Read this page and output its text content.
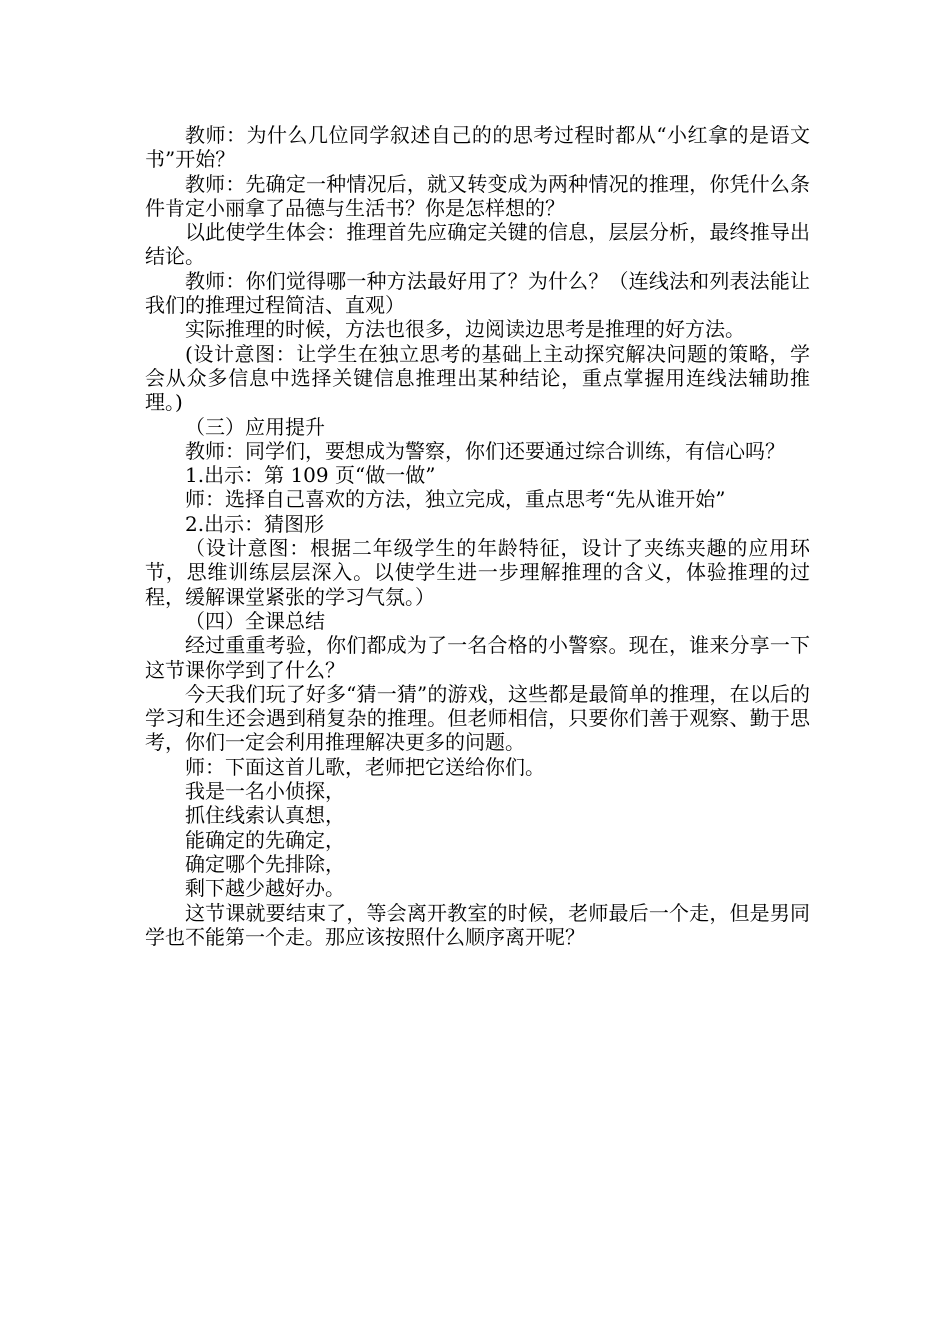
教师：为什么几位同学叙述自己的的思考过程时都从“小红拿的是语文书”开始？

教师：先确定一种情况后，就又转变成为两种情况的推理，你凭什么条件肯定小丽拿了品德与生活书？你是怎样想的？

以此使学生体会：推理首先应确定关键的信息，层层分析，最终推导出结论。

教师：你们觉得哪一种方法最好用了？为什么？（连线法和列表法能让我们的推理过程简洁、直观）

实际推理的时候，方法也很多，边阅读边思考是推理的好方法。

(设计意图：让学生在独立思考的基础上主动探究解决问题的策略，学会从众多信息中选择关键信息推理出某种结论，重点掌握用连线法辅助推理。)

（三）应用提升

教师：同学们，要想成为警察，你们还要通过综合训练，有信心吗？

1.出示：第 109 页“做一做”

师：选择自己喜欢的方法，独立完成，重点思考“先从谁开始”

2.出示：猜图形

（设计意图：根据二年级学生的年龄特征，设计了夹练夹趣的应用环节，思维训练层层深入。以使学生进一步理解推理的含义，体验推理的过程，缓解课堂紧张的学习气氛。）

（四）全课总结

经过重重考验，你们都成为了一名合格的小警察。现在，谁来分享一下这节课你学到了什么？

今天我们玩了好多“猜一猜”的游戏，这些都是最简单的推理，在以后的学习和生还会遇到稍复杂的推理。但老师相信，只要你们善于观察、勤于思考，你们一定会利用推理解决更多的问题。

师：下面这首儿歌，老师把它送给你们。

我是一名小侦探，

抓住线索认真想，

能确定的先确定，

确定哪个先排除，

剩下越少越好办。

这节课就要结束了，等会离开教室的时候，老师最后一个走，但是男同学也不能第一个走。那应该按照什么顺序离开呢？
